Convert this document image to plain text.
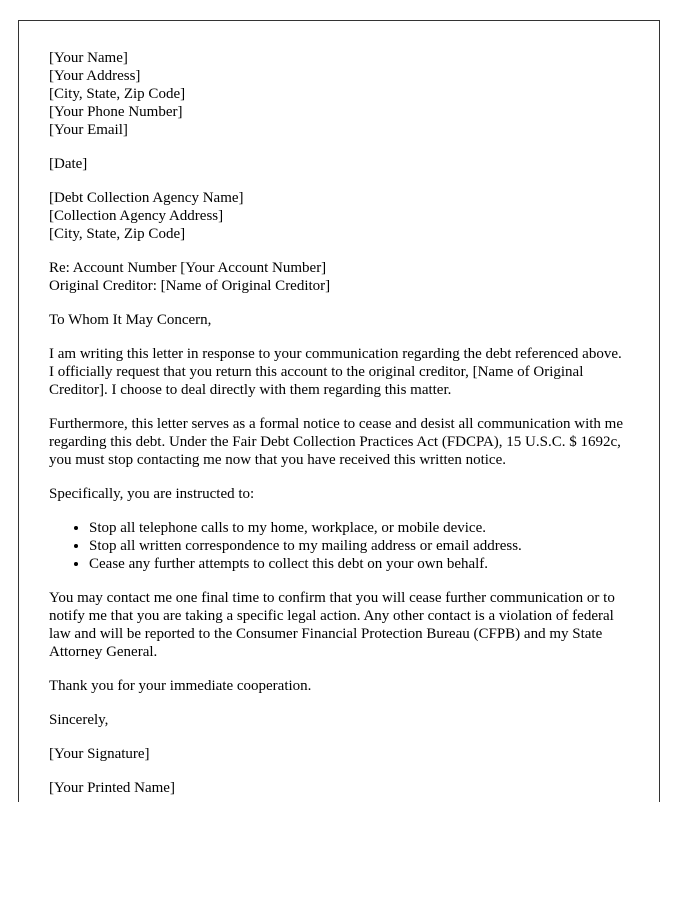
[Your Name]
[Your Address]
[City, State, Zip Code]
[Your Phone Number]
[Your Email]

[Date]

[Debt Collection Agency Name]
[Collection Agency Address]
[City, State, Zip Code]

Re: Account Number [Your Account Number]
Original Creditor: [Name of Original Creditor]

To Whom It May Concern,

I am writing this letter in response to your communication regarding the debt referenced above. I officially request that you return this account to the original creditor, [Name of Original Creditor]. I choose to deal directly with them regarding this matter.

Furthermore, this letter serves as a formal notice to cease and desist all communication with me regarding this debt. Under the Fair Debt Collection Practices Act (FDCPA), 15 U.S.C. $ 1692c, you must stop contacting me now that you have received this written notice.

Specifically, you are instructed to:

• Stop all telephone calls to my home, workplace, or mobile device.
• Stop all written correspondence to my mailing address or email address.
• Cease any further attempts to collect this debt on your own behalf.

You may contact me one final time to confirm that you will cease further communication or to notify me that you are taking a specific legal action. Any other contact is a violation of federal law and will be reported to the Consumer Financial Protection Bureau (CFPB) and my State Attorney General.

Thank you for your immediate cooperation.

Sincerely,

[Your Signature]

[Your Printed Name]
